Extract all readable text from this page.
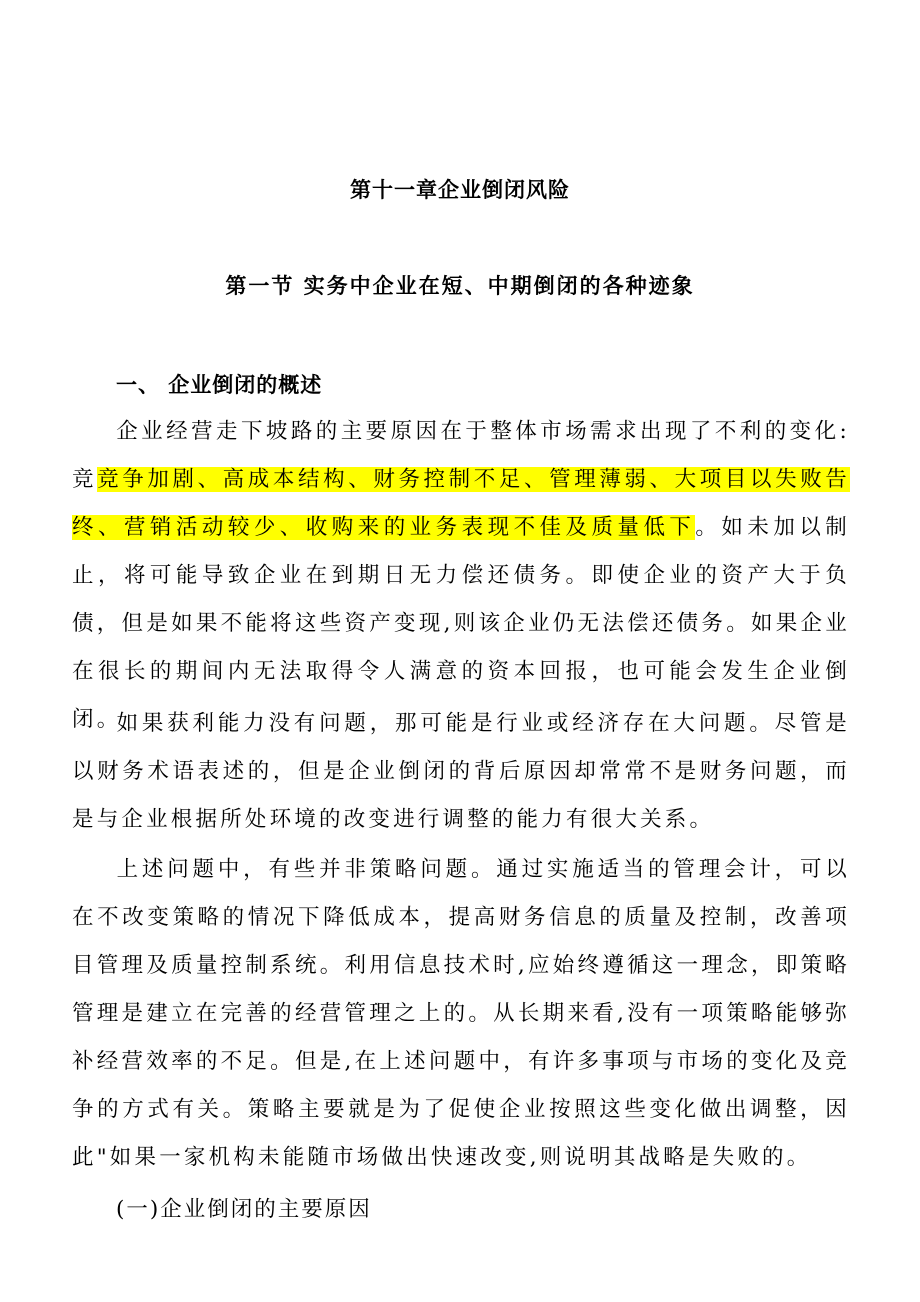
第十一章企业倒闭风险
第一节 实务中企业在短、中期倒闭的各种迹象
一、 企业倒闭的概述

企业经营走下坡路的主要原因在于整体市场需求出现了不利的变化:竞竞争加剧、高成本结构、财务控制不足、管理薄弱、大项目以失败告终、营销活动较少、收购来的业务表现不佳及质量低下。如未加以制止，将可能导致企业在到期日无力偿还债务。即使企业的资产大于负债，但是如果不能将这些资产变现,则该企业仍无法偿还债务。如果企业在很长的期间内无法取得令人满意的资本回报，也可能会发生企业倒闭。

如果获利能力没有问题，那可能是行业或经济存在大问题。尽管是以财务术语表述的，但是企业倒闭的背后原因却常常不是财务问题，而是与企业根据所处环境的改变进行调整的能力有很大关系。

上述问题中，有些并非策略问题。通过实施适当的管理会计，可以在不改变策略的情况下降低成本，提高财务信息的质量及控制，改善项目管理及质量控制系统。利用信息技术时,应始终遵循这一理念，即策略管理是建立在完善的经营管理之上的。从长期来看,没有一项策略能够弥补经营效率的不足。但是,在上述问题中，有许多事项与市场的变化及竞争的方式有关。策略主要就是为了促使企业按照这些变化做出调整，因此"如果一家机构未能随市场做出快速改变,则说明其战略是失败的。

(一)企业倒闭的主要原因
